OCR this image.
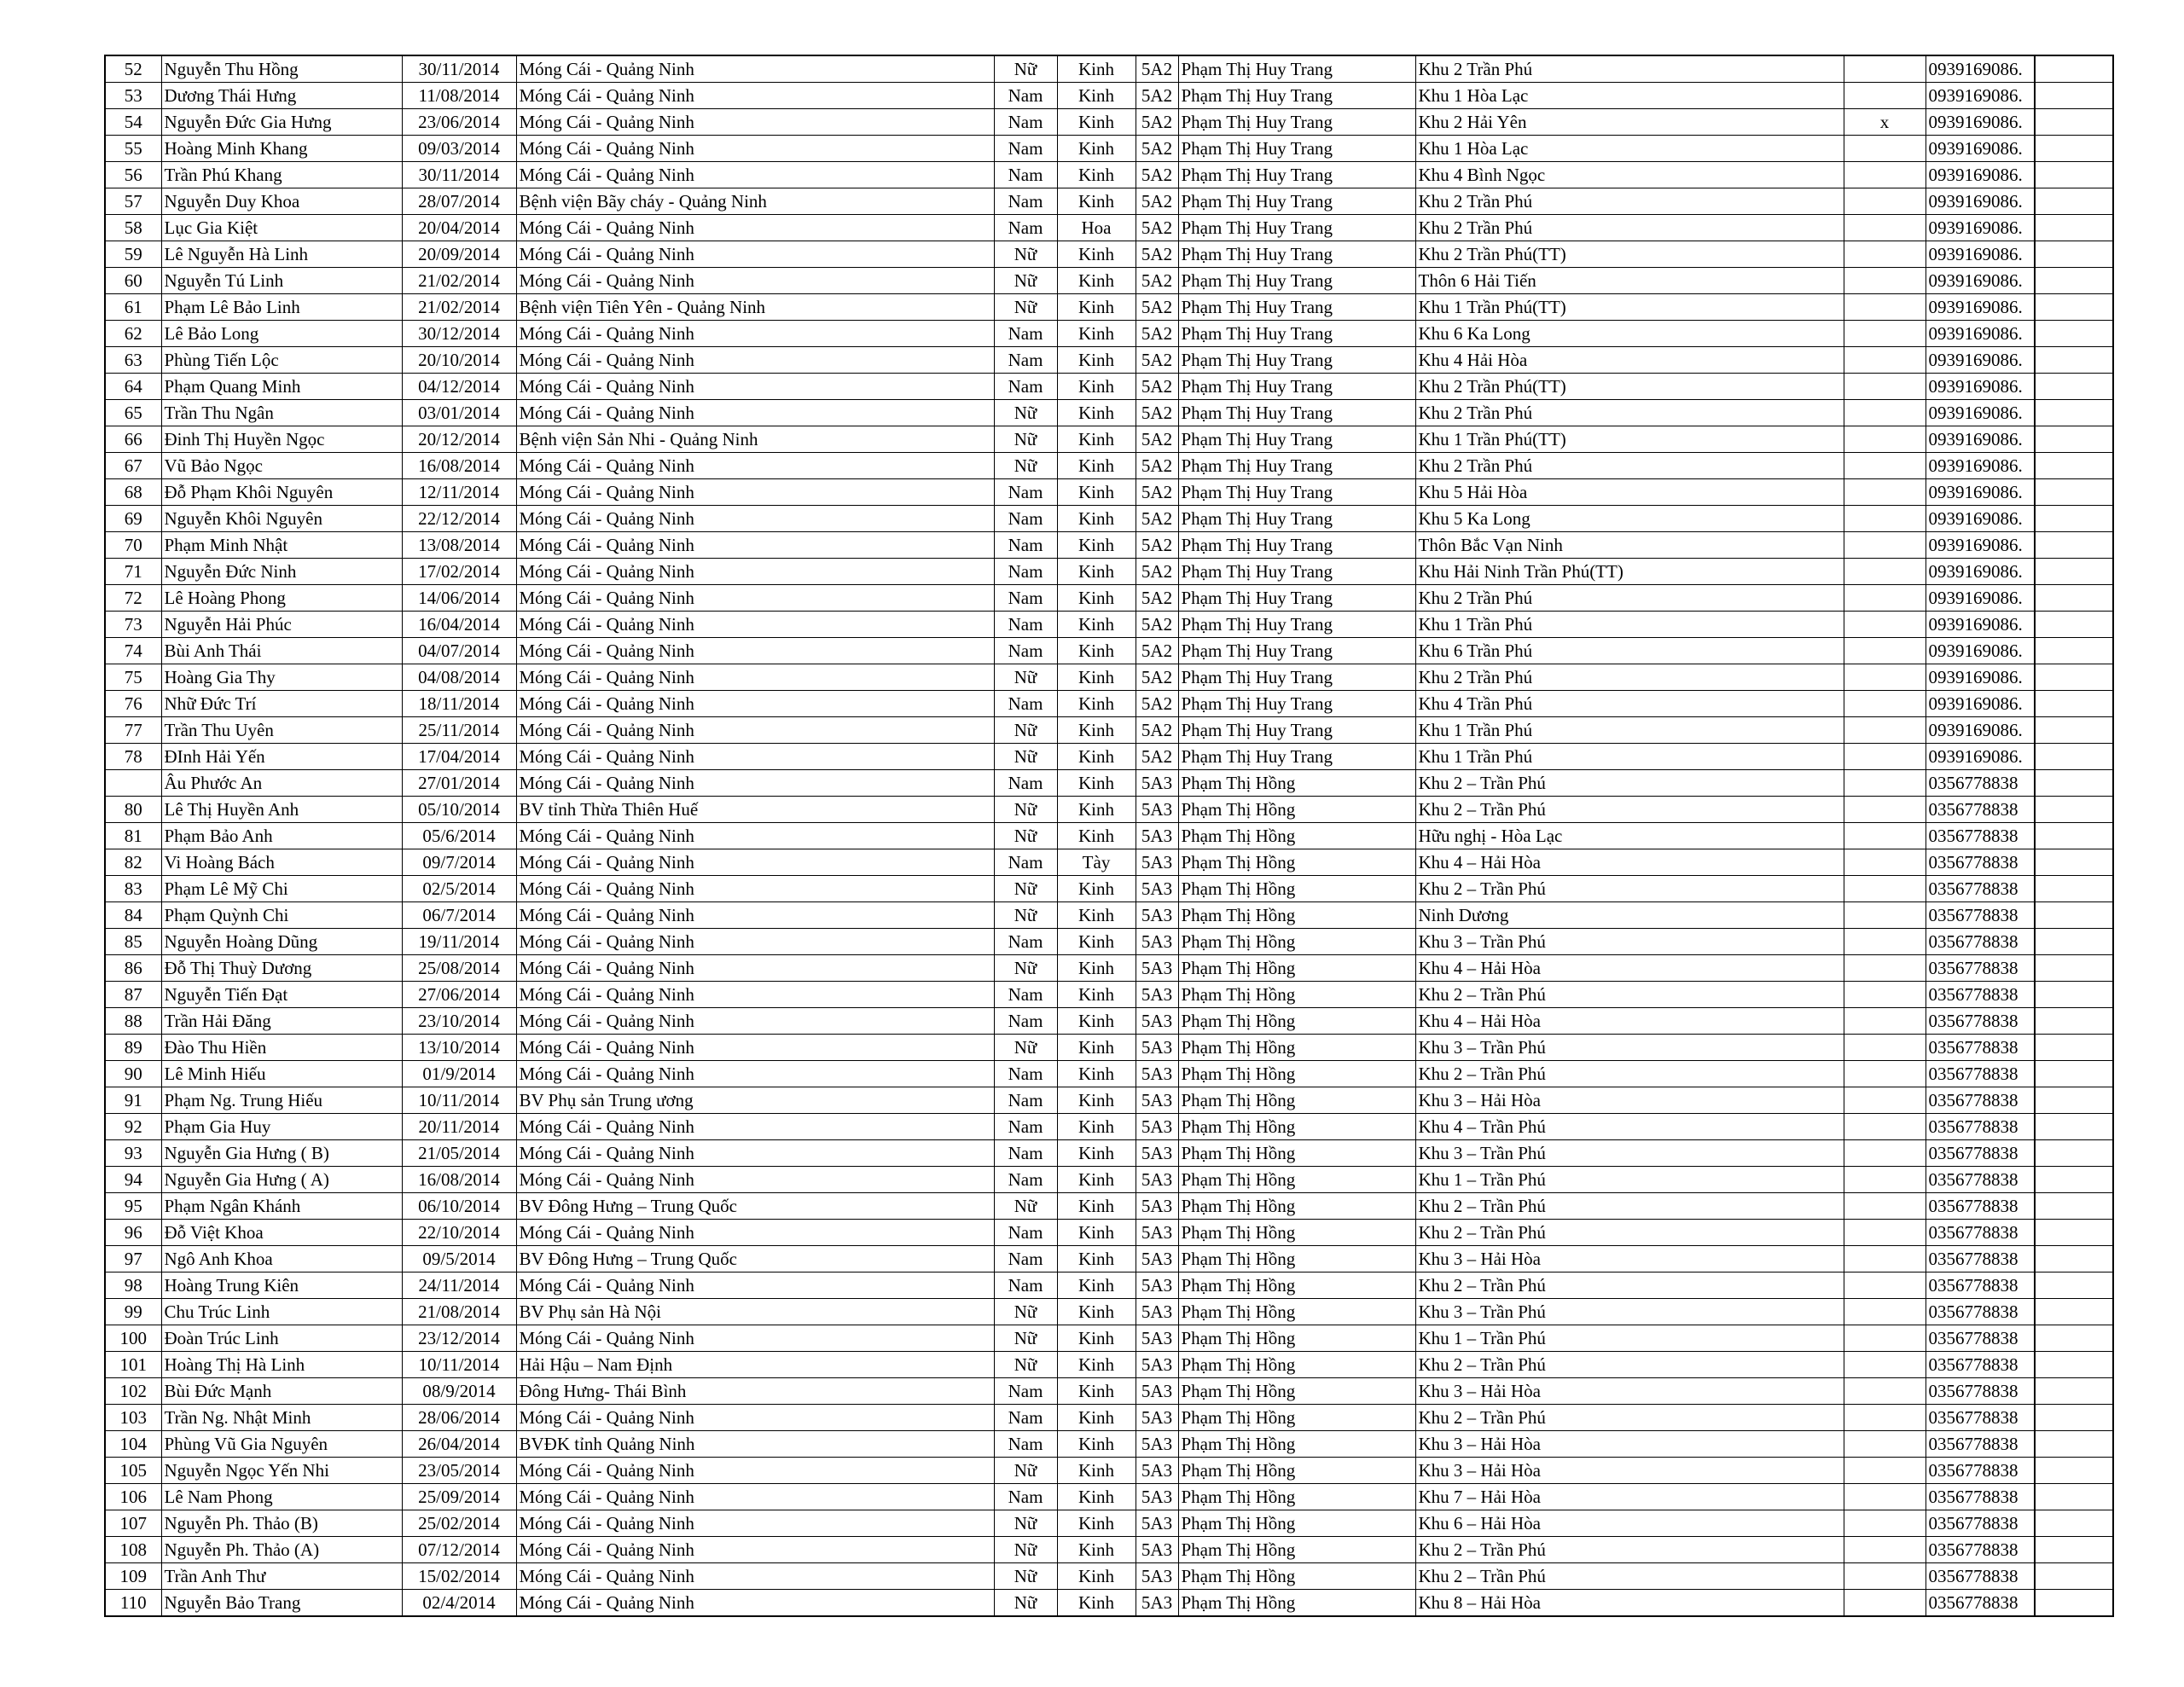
52	Nguyễn Thu Hồng	30/11/2014	Móng Cái - Quảng Ninh	Nữ	Kinh	5A2	Phạm Thị Huy Trang	Khu 2 Trần Phú		0939169086.	
53	Dương Thái Hưng	11/08/2014	Móng Cái - Quảng Ninh	Nam	Kinh	5A2	Phạm Thị Huy Trang	Khu 1 Hòa Lạc		0939169086.	
54	Nguyễn Đức Gia Hưng	23/06/2014	Móng Cái - Quảng Ninh	Nam	Kinh	5A2	Phạm Thị Huy Trang	Khu 2 Hải Yên	x	0939169086.	
55	Hoàng Minh Khang	09/03/2014	Móng Cái - Quảng Ninh	Nam	Kinh	5A2	Phạm Thị Huy Trang	Khu 1 Hòa Lạc		0939169086.	
56	Trần Phú Khang	30/11/2014	Móng Cái - Quảng Ninh	Nam	Kinh	5A2	Phạm Thị Huy Trang	Khu 4 Bình Ngọc		0939169086.	
57	Nguyễn Duy Khoa	28/07/2014	Bệnh viện Bãy cháy - Quảng Ninh	Nam	Kinh	5A2	Phạm Thị Huy Trang	Khu 2 Trần Phú		0939169086.	
58	Lục Gia Kiệt	20/04/2014	Móng Cái - Quảng Ninh	Nam	Hoa	5A2	Phạm Thị Huy Trang	Khu 2 Trần Phú		0939169086.	
59	Lê Nguyễn Hà Linh	20/09/2014	Móng Cái - Quảng Ninh	Nữ	Kinh	5A2	Phạm Thị Huy Trang	Khu 2 Trần Phú(TT)		0939169086.	
60	Nguyễn Tú Linh	21/02/2014	Móng Cái - Quảng Ninh	Nữ	Kinh	5A2	Phạm Thị Huy Trang	Thôn 6 Hải Tiến		0939169086.	
61	Phạm Lê Bảo Linh	21/02/2014	Bệnh viện Tiên Yên - Quảng Ninh	Nữ	Kinh	5A2	Phạm Thị Huy Trang	Khu 1 Trần Phú(TT)		0939169086.	
62	Lê Bảo Long	30/12/2014	Móng Cái - Quảng Ninh	Nam	Kinh	5A2	Phạm Thị Huy Trang	Khu 6 Ka Long		0939169086.	
63	Phùng Tiến Lộc	20/10/2014	Móng Cái - Quảng Ninh	Nam	Kinh	5A2	Phạm Thị Huy Trang	Khu 4 Hải Hòa		0939169086.	
64	Phạm Quang Minh	04/12/2014	Móng Cái - Quảng Ninh	Nam	Kinh	5A2	Phạm Thị Huy Trang	Khu 2 Trần Phú(TT)		0939169086.	
65	Trần Thu Ngân	03/01/2014	Móng Cái - Quảng Ninh	Nữ	Kinh	5A2	Phạm Thị Huy Trang	Khu 2 Trần Phú		0939169086.	
66	Đinh Thị Huyền Ngọc	20/12/2014	Bệnh viện Sản Nhi - Quảng Ninh	Nữ	Kinh	5A2	Phạm Thị Huy Trang	Khu 1 Trần Phú(TT)		0939169086.	
67	Vũ Bảo Ngọc	16/08/2014	Móng Cái - Quảng Ninh	Nữ	Kinh	5A2	Phạm Thị Huy Trang	Khu 2 Trần Phú		0939169086.	
68	Đỗ Phạm Khôi Nguyên	12/11/2014	Móng Cái - Quảng Ninh	Nam	Kinh	5A2	Phạm Thị Huy Trang	Khu 5 Hải Hòa		0939169086.	
69	Nguyễn Khôi Nguyên	22/12/2014	Móng Cái - Quảng Ninh	Nam	Kinh	5A2	Phạm Thị Huy Trang	Khu 5 Ka Long		0939169086.	
70	Phạm Minh Nhật	13/08/2014	Móng Cái - Quảng Ninh	Nam	Kinh	5A2	Phạm Thị Huy Trang	Thôn Bắc Vạn Ninh		0939169086.	
71	Nguyễn Đức Ninh	17/02/2014	Móng Cái - Quảng Ninh	Nam	Kinh	5A2	Phạm Thị Huy Trang	Khu Hải Ninh Trần Phú(TT)		0939169086.	
72	Lê Hoàng Phong	14/06/2014	Móng Cái - Quảng Ninh	Nam	Kinh	5A2	Phạm Thị Huy Trang	Khu 2 Trần Phú		0939169086.	
73	Nguyễn Hải Phúc	16/04/2014	Móng Cái - Quảng Ninh	Nam	Kinh	5A2	Phạm Thị Huy Trang	Khu 1 Trần Phú		0939169086.	
74	Bùi Anh Thái	04/07/2014	Móng Cái - Quảng Ninh	Nam	Kinh	5A2	Phạm Thị Huy Trang	Khu 6 Trần Phú		0939169086.	
75	Hoàng Gia Thy	04/08/2014	Móng Cái - Quảng Ninh	Nữ	Kinh	5A2	Phạm Thị Huy Trang	Khu 2 Trần Phú		0939169086.	
76	Nhữ Đức Trí	18/11/2014	Móng Cái - Quảng Ninh	Nam	Kinh	5A2	Phạm Thị Huy Trang	Khu 4 Trần Phú		0939169086.	
77	Trần Thu Uyên	25/11/2014	Móng Cái - Quảng Ninh	Nữ	Kinh	5A2	Phạm Thị Huy Trang	Khu 1 Trần Phú		0939169086.	
78	ĐInh Hải Yến	17/04/2014	Móng Cái - Quảng Ninh	Nữ	Kinh	5A2	Phạm Thị Huy Trang	Khu 1 Trần Phú		0939169086.	
	Âu Phước An	27/01/2014	Móng Cái - Quảng Ninh	Nam	Kinh	5A3	Phạm Thị Hồng	Khu 2 – Trần Phú		0356778838	
80	Lê Thị Huyền Anh	05/10/2014	BV tỉnh Thừa Thiên Huế	Nữ	Kinh	5A3	Phạm Thị Hồng	Khu 2 – Trần Phú		0356778838	
81	Phạm Bảo Anh	05/6/2014	Móng Cái - Quảng Ninh	Nữ	Kinh	5A3	Phạm Thị Hồng	Hữu nghị - Hòa Lạc		0356778838	
82	Vi Hoàng Bách	09/7/2014	Móng Cái - Quảng Ninh	Nam	Tày	5A3	Phạm Thị Hồng	Khu 4 – Hải Hòa		0356778838	
83	Phạm Lê Mỹ Chi	02/5/2014	Móng Cái - Quảng Ninh	Nữ	Kinh	5A3	Phạm Thị Hồng	Khu 2 – Trần Phú		0356778838	
84	Phạm Quỳnh Chi	06/7/2014	Móng Cái - Quảng Ninh	Nữ	Kinh	5A3	Phạm Thị Hồng	Ninh Dương		0356778838	
85	Nguyễn Hoàng Dũng	19/11/2014	Móng Cái - Quảng Ninh	Nam	Kinh	5A3	Phạm Thị Hồng	Khu 3 – Trần Phú		0356778838	
86	Đỗ Thị Thuỳ Dương	25/08/2014	Móng Cái - Quảng Ninh	Nữ	Kinh	5A3	Phạm Thị Hồng	Khu 4 – Hải Hòa		0356778838	
87	Nguyễn Tiến Đạt	27/06/2014	Móng Cái - Quảng Ninh	Nam	Kinh	5A3	Phạm Thị Hồng	Khu 2 – Trần Phú		0356778838	
88	Trần Hải Đăng	23/10/2014	Móng Cái - Quảng Ninh	Nam	Kinh	5A3	Phạm Thị Hồng	Khu 4 – Hải Hòa		0356778838	
89	Đào Thu Hiền	13/10/2014	Móng Cái - Quảng Ninh	Nữ	Kinh	5A3	Phạm Thị Hồng	Khu 3 – Trần Phú		0356778838	
90	Lê Minh Hiếu	01/9/2014	Móng Cái - Quảng Ninh	Nam	Kinh	5A3	Phạm Thị Hồng	Khu 2 – Trần Phú		0356778838	
91	Phạm Ng. Trung Hiếu	10/11/2014	BV Phụ sản Trung ương	Nam	Kinh	5A3	Phạm Thị Hồng	Khu 3 – Hải Hòa		0356778838	
92	Phạm Gia Huy	20/11/2014	Móng Cái - Quảng Ninh	Nam	Kinh	5A3	Phạm Thị Hồng	Khu 4 – Trần Phú		0356778838	
93	Nguyễn Gia Hưng ( B)	21/05/2014	Móng Cái - Quảng Ninh	Nam	Kinh	5A3	Phạm Thị Hồng	Khu 3 – Trần Phú		0356778838	
94	Nguyễn Gia Hưng ( A)	16/08/2014	Móng Cái - Quảng Ninh	Nam	Kinh	5A3	Phạm Thị Hồng	Khu 1 – Trần Phú		0356778838	
95	Phạm Ngân Khánh	06/10/2014	BV Đông Hưng – Trung Quốc	Nữ	Kinh	5A3	Phạm Thị Hồng	Khu 2 – Trần Phú		0356778838	
96	Đỗ Việt Khoa	22/10/2014	Móng Cái - Quảng Ninh	Nam	Kinh	5A3	Phạm Thị Hồng	Khu 2 – Trần Phú		0356778838	
97	Ngô Anh Khoa	09/5/2014	BV Đông Hưng – Trung Quốc	Nam	Kinh	5A3	Phạm Thị Hồng	Khu 3 – Hải Hòa		0356778838	
98	Hoàng Trung Kiên	24/11/2014	Móng Cái - Quảng Ninh	Nam	Kinh	5A3	Phạm Thị Hồng	Khu 2 – Trần Phú		0356778838	
99	Chu Trúc Linh	21/08/2014	BV Phụ sản Hà Nội	Nữ	Kinh	5A3	Phạm Thị Hồng	Khu 3 – Trần Phú		0356778838	
100	Đoàn Trúc Linh	23/12/2014	Móng Cái - Quảng Ninh	Nữ	Kinh	5A3	Phạm Thị Hồng	Khu 1 – Trần Phú		0356778838	
101	Hoàng Thị Hà Linh	10/11/2014	Hải Hậu – Nam Định	Nữ	Kinh	5A3	Phạm Thị Hồng	Khu 2 – Trần Phú		0356778838	
102	Bùi Đức Mạnh	08/9/2014	Đông Hưng- Thái Bình	Nam	Kinh	5A3	Phạm Thị Hồng	Khu 3 – Hải Hòa		0356778838	
103	Trần Ng. Nhật Minh	28/06/2014	Móng Cái - Quảng Ninh	Nam	Kinh	5A3	Phạm Thị Hồng	Khu 2 – Trần Phú		0356778838	
104	Phùng Vũ Gia Nguyên	26/04/2014	BVĐK tỉnh Quảng Ninh	Nam	Kinh	5A3	Phạm Thị Hồng	Khu 3 – Hải Hòa		0356778838	
105	Nguyễn Ngọc Yến Nhi	23/05/2014	Móng Cái - Quảng Ninh	Nữ	Kinh	5A3	Phạm Thị Hồng	Khu 3 – Hải Hòa		0356778838	
106	Lê Nam Phong	25/09/2014	Móng Cái - Quảng Ninh	Nam	Kinh	5A3	Phạm Thị Hồng	Khu 7 – Hải Hòa		0356778838	
107	Nguyễn Ph. Thảo (B)	25/02/2014	Móng Cái - Quảng Ninh	Nữ	Kinh	5A3	Phạm Thị Hồng	Khu 6 – Hải Hòa		0356778838	
108	Nguyễn Ph. Thảo (A)	07/12/2014	Móng Cái - Quảng Ninh	Nữ	Kinh	5A3	Phạm Thị Hồng	Khu 2 – Trần Phú		0356778838	
109	Trần Anh Thư	15/02/2014	Móng Cái - Quảng Ninh	Nữ	Kinh	5A3	Phạm Thị Hồng	Khu 2 – Trần Phú		0356778838	
110	Nguyễn Bảo Trang	02/4/2014	Móng Cái - Quảng Ninh	Nữ	Kinh	5A3	Phạm Thị Hồng	Khu 8 – Hải Hòa		0356778838	
